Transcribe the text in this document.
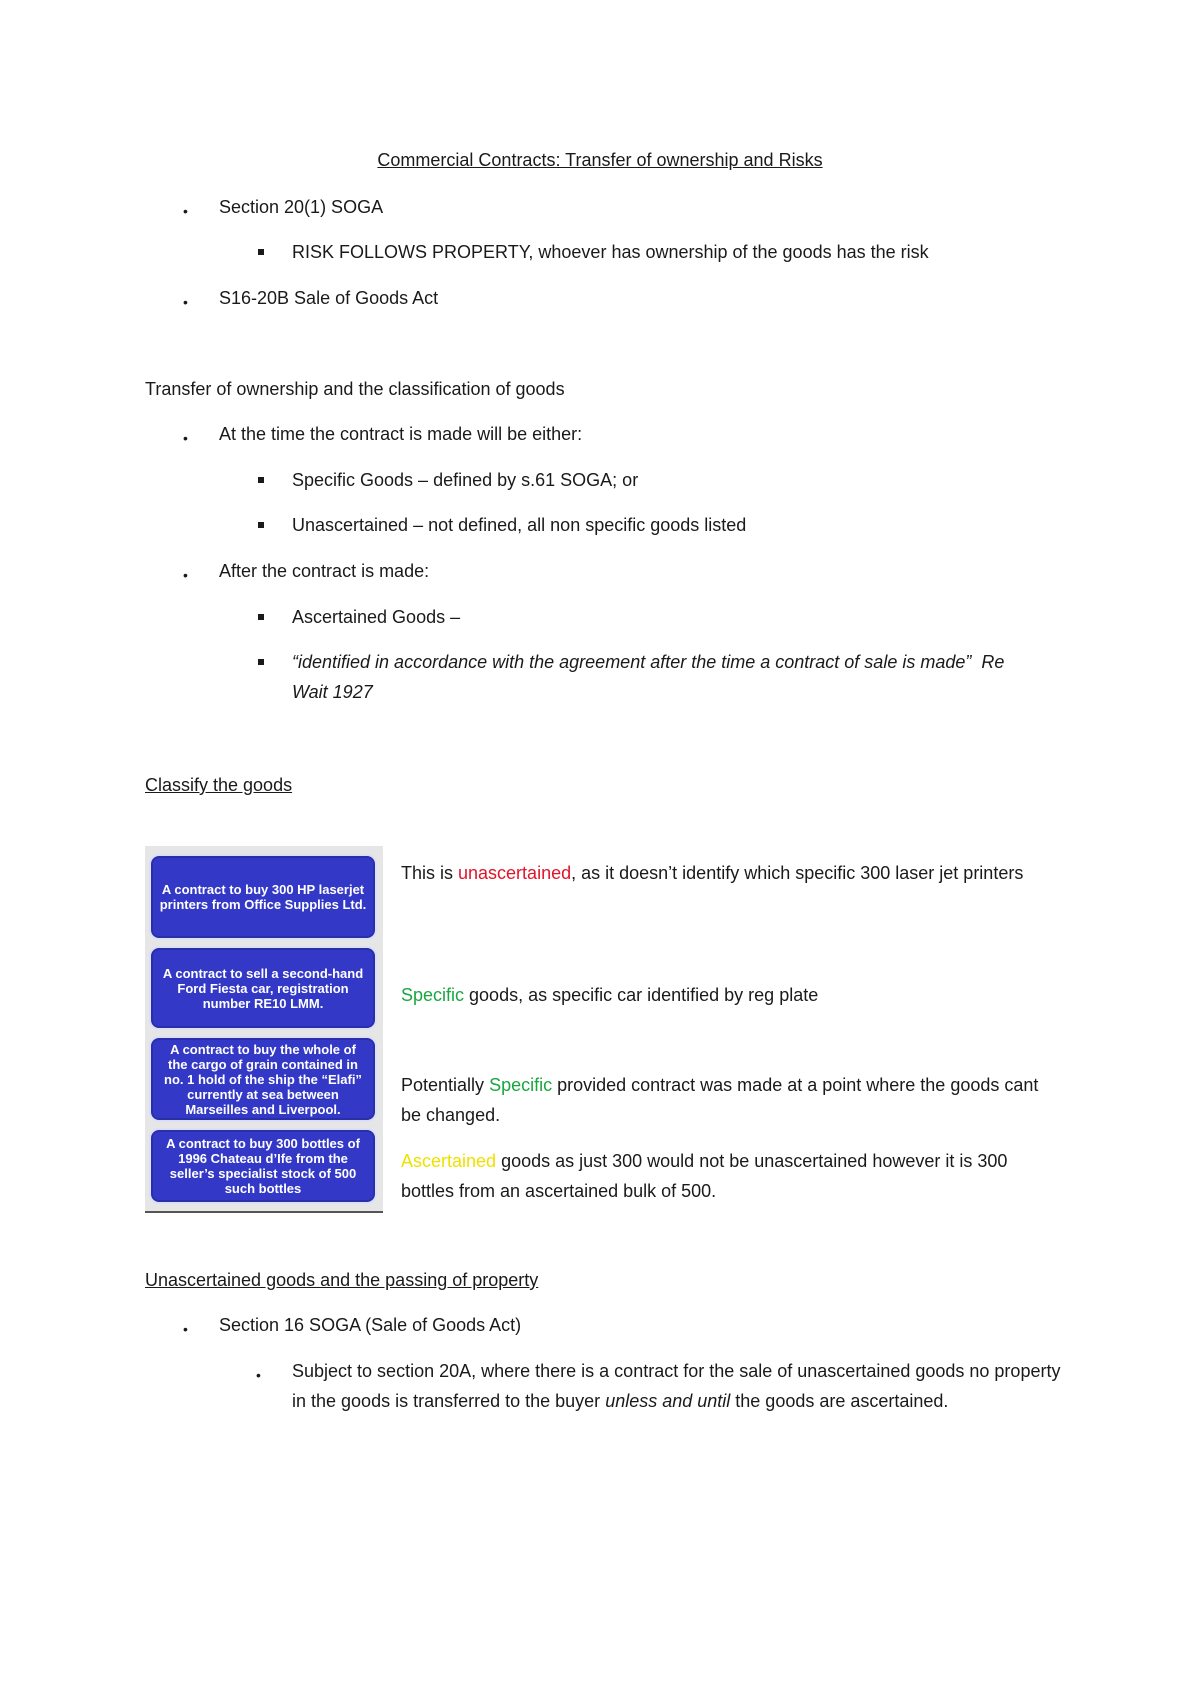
Commercial Contracts: Transfer of ownership and Risks
•
Section 20(1) SOGA
RISK FOLLOWS PROPERTY, whoever has ownership of the goods has the risk
•
S16-20B Sale of Goods Act
Transfer of ownership and the classification of goods
•
At the time the contract is made will be either:
Specific Goods – defined by s.61 SOGA; or
Unascertained – not defined, all non specific goods listed
•
After the contract is made:
Ascertained Goods –
“identified in accordance with the agreement after the time a contract of sale is made” Re Wait 1927
Classify the goods
A contract to buy 300 HP laserjet printers from Office Supplies Ltd.
A contract to sell a second-hand Ford Fiesta car, registration number RE10 LMM.
A contract to buy the whole of the cargo of grain contained in no. 1 hold of the ship the “Elafi” currently at sea between Marseilles and Liverpool.
A contract to buy 300 bottles of 1996 Chateau d’Ife from the seller’s specialist stock of 500 such bottles
This is unascertained, as it doesn’t identify which specific 300 laser jet printers
Specific goods, as specific car identified by reg plate
Potentially Specific provided contract was made at a point where the goods cant be changed.
Ascertained goods as just 300 would not be unascertained however it is 300 bottles from an ascertained bulk of 500.
Unascertained goods and the passing of property
•
Section 16 SOGA (Sale of Goods Act)
•
Subject to section 20A, where there is a contract for the sale of unascertained goods no property in the goods is transferred to the buyer unless and until the goods are ascertained.
